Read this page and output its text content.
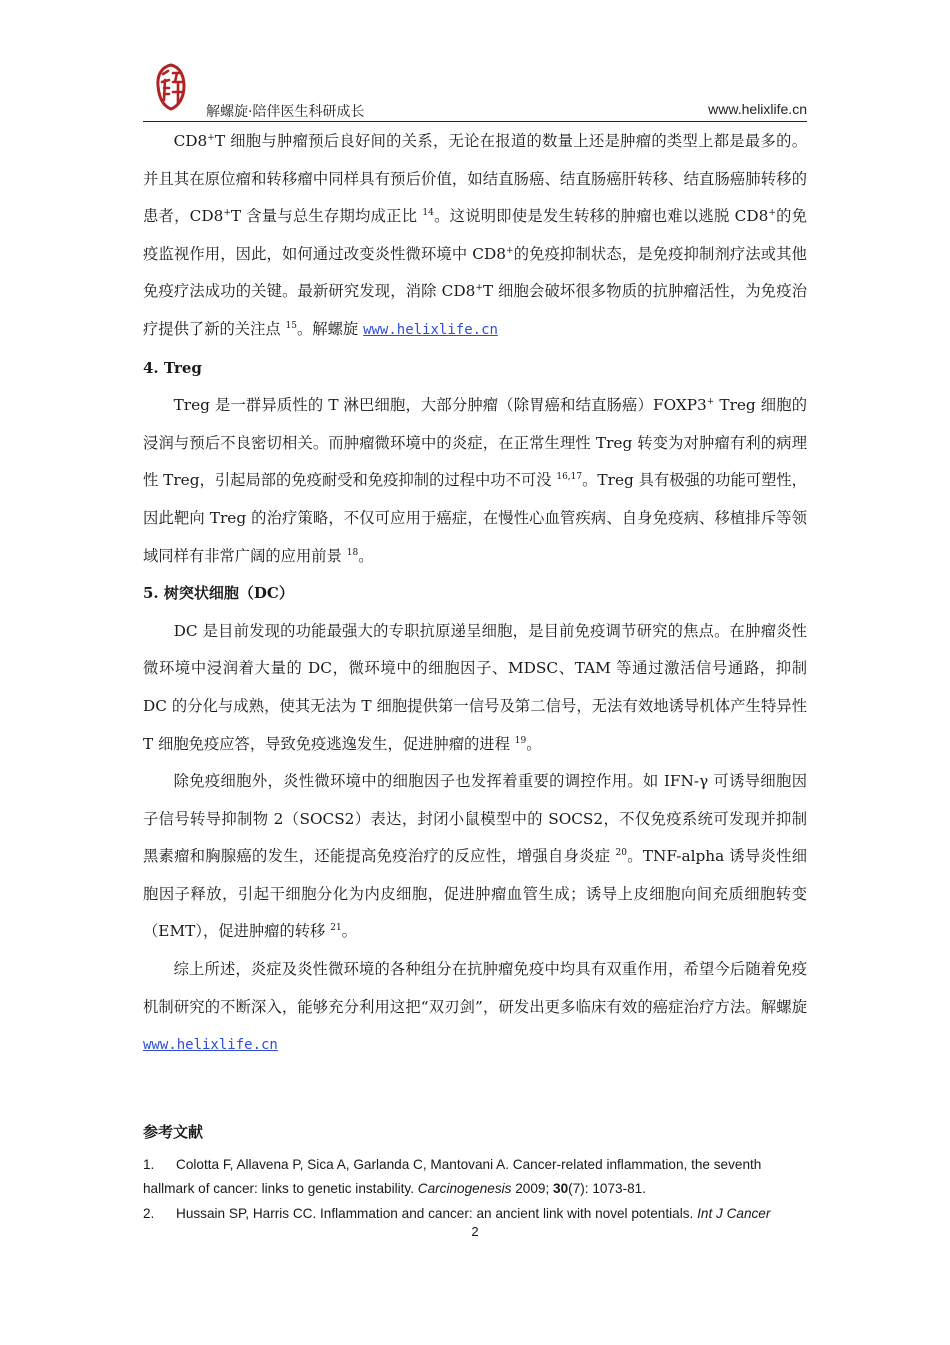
解螺旋·陪伴医生科研成长	www.helixlife.cn

CD8+T 细胞与肿瘤预后良好间的关系，无论在报道的数量上还是肿瘤的类型上都是最多的。并且其在原位瘤和转移瘤中同样具有预后价值，如结直肠癌、结直肠癌肝转移、结直肠癌肺转移的患者，CD8+T 含量与总生存期均成正比 $^{14}$。这说明即使是发生转移的肿瘤也难以逃脱 CD8+的免疫监视作用，因此，如何通过改变炎性微环境中 CD8+的免疫抑制状态，是免疫抑制剂疗法或其他免疫疗法成功的关键。最新研究发现，消除 CD8+T 细胞会破坏很多物质的抗肿瘤活性，为免疫治疗提供了新的关注点 $^{15}$。解螺旋 www.helixlife.cn

4. Treg

Treg 是一群异质性的 T 淋巴细胞，大部分肿瘤（除胃癌和结直肠癌）FOXP3+ Treg 细胞的浸润与预后不良密切相关。而肿瘤微环境中的炎症，在正常生理性 Treg 转变为对肿瘤有利的病理性 Treg，引起局部的免疫耐受和免疫抑制的过程中功不可没 $^{16,17}$。Treg 具有极强的功能可塑性，因此靶向 Treg 的治疗策略，不仅可应用于癌症，在慢性心血管疾病、自身免疫病、移植排斥等领域同样有非常广阔的应用前景 $^{18}$。

5. 树突状细胞（DC）

DC 是目前发现的功能最强大的专职抗原递呈细胞，是目前免疫调节研究的焦点。在肿瘤炎性微环境中浸润着大量的 DC，微环境中的细胞因子、MDSC、TAM 等通过激活信号通路，抑制 DC 的分化与成熟，使其无法为 T 细胞提供第一信号及第二信号，无法有效地诱导机体产生特异性 T 细胞免疫应答，导致免疫逃逸发生，促进肿瘤的进程 $^{19}$。

除免疫细胞外，炎性微环境中的细胞因子也发挥着重要的调控作用。如 IFN-γ 可诱导细胞因子信号转导抑制物 2（SOCS2）表达，封闭小鼠模型中的 SOCS2，不仅免疫系统可发现并抑制黑素瘤和胸腺癌的发生，还能提高免疫治疗的反应性，增强自身炎症 $^{20}$。TNF-alpha 诱导炎性细胞因子释放，引起干细胞分化为内皮细胞，促进肿瘤血管生成；诱导上皮细胞向间充质细胞转变（EMT），促进肿瘤的转移 $^{21}$。

综上所述，炎症及炎性微环境的各种组分在抗肿瘤免疫中均具有双重作用，希望今后随着免疫机制研究的不断深入，能够充分利用这把“双刃剑”，研发出更多临床有效的癌症治疗方法。解螺旋 www.helixlife.cn

参考文献

1. Colotta F, Allavena P, Sica A, Garlanda C, Mantovani A. Cancer-related inflammation, the seventh hallmark of cancer: links to genetic instability. Carcinogenesis 2009; 30(7): 1073-81.

2. Hussain SP, Harris CC. Inflammation and cancer: an ancient link with novel potentials. Int J Cancer

2
